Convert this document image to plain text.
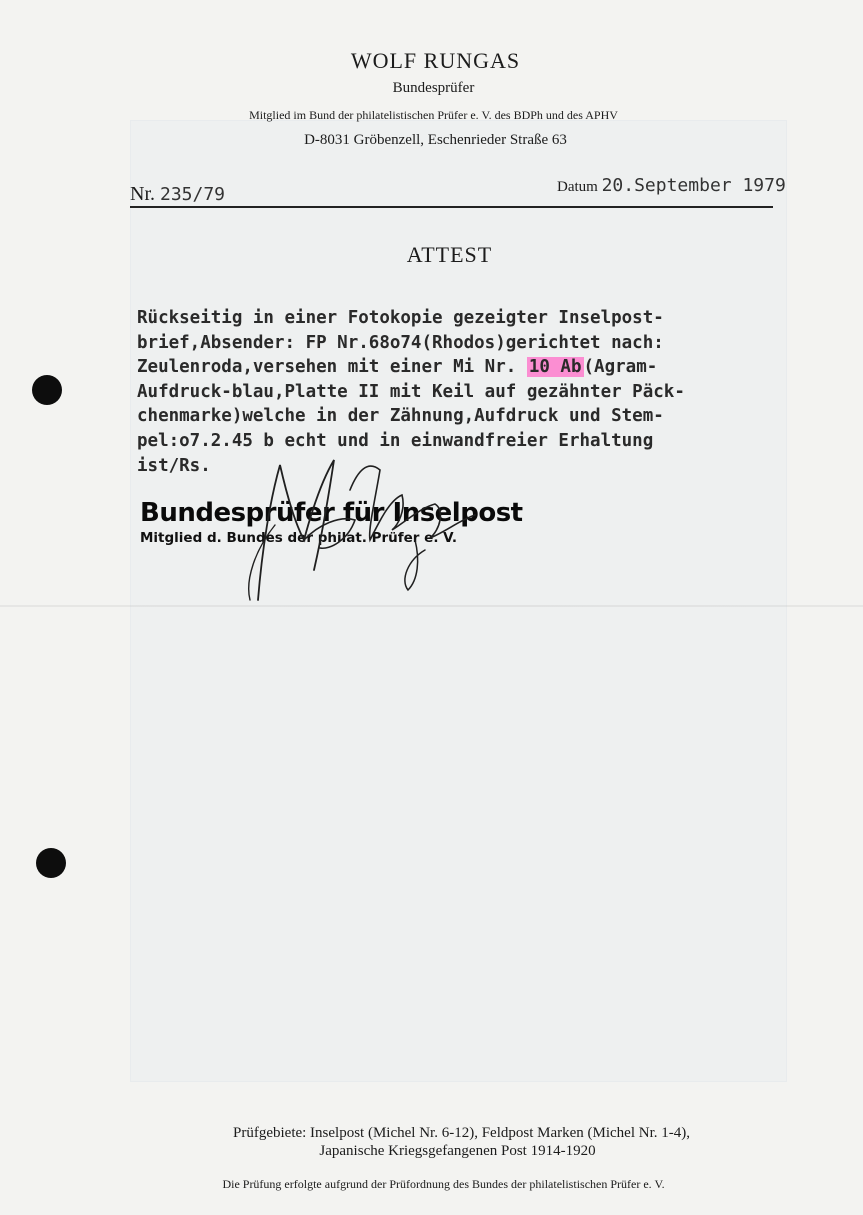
WOLF RUNGAS
Bundesprüfer
Mitglied im Bund der philatelistischen Prüfer e. V. des BDPh und des APHV
D-8031 Gröbenzell, Eschenrieder Straße 63
Nr. 235/79	Datum 20.September 1979
ATTEST
Rückseitig in einer Fotokopie gezeigter Inselpost-
brief,Absender: FP Nr.68o74(Rhodos)gerichtet nach:
Zeulenroda,versehen mit einer Mi Nr. 10 Ab (Agram-
Aufdruck-blau,Platte II mit Keil auf gezähnter Päck-
chenmarke)welche in der Zähnung,Aufdruck und Stem-
pel:o7.2.45 b echt und in einwandfreier Erhaltung
ist/Rs.
Bundesprüfer für Inselpost
Mitglied d. Bundes der philat. Prüfer e. V.
Prüfgebiete: Inselpost (Michel Nr. 6-12), Feldpost Marken (Michel Nr. 1-4),
Japanische Kriegsgefangenen Post 1914-1920
Die Prüfung erfolgte aufgrund der Prüfordnung des Bundes der philatelistischen Prüfer e. V.
